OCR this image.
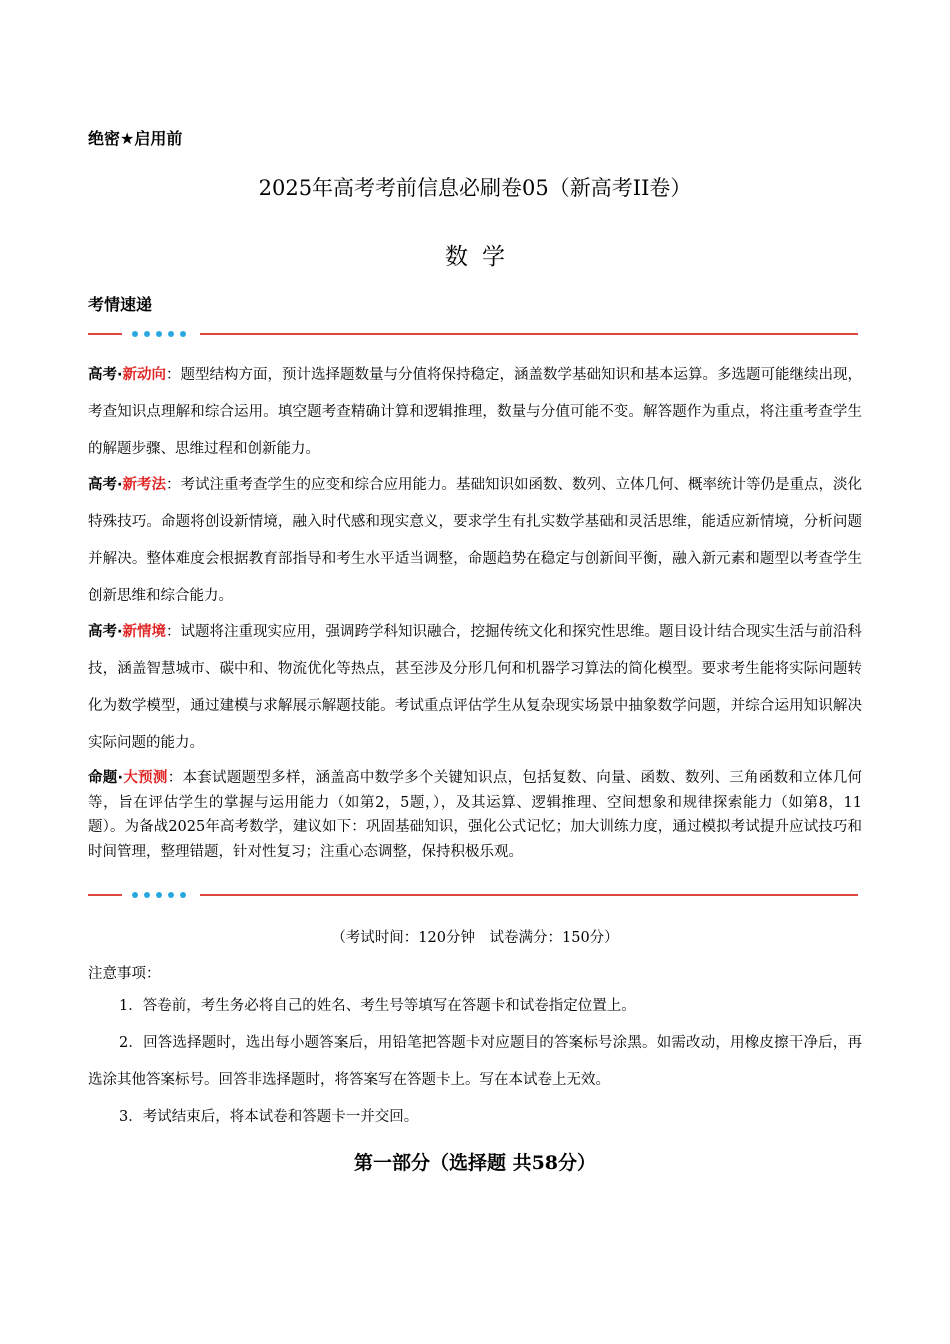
绝密★启用前
2025年高考考前信息必刷卷05（新高考II卷）
数学
考情速递
高考·新动向：题型结构方面，预计选择题数量与分值将保持稳定，涵盖数学基础知识和基本运算。多选题可能继续出现，考查知识点理解和综合运用。填空题考查精确计算和逻辑推理，数量与分值可能不变。解答题作为重点，将注重考查学生的解题步骤、思维过程和创新能力。
高考·新考法：考试注重考查学生的应变和综合应用能力。基础知识如函数、数列、立体几何、概率统计等仍是重点，淡化特殊技巧。命题将创设新情境，融入时代感和现实意义，要求学生有扎实数学基础和灵活思维，能适应新情境，分析问题并解决。整体难度会根据教育部指导和考生水平适当调整，命题趋势在稳定与创新间平衡，融入新元素和题型以考查学生创新思维和综合能力。
高考·新情境：试题将注重现实应用，强调跨学科知识融合，挖掘传统文化和探究性思维。题目设计结合现实生活与前沿科技，涵盖智慧城市、碳中和、物流优化等热点，甚至涉及分形几何和机器学习算法的简化模型。要求考生能将实际问题转化为数学模型，通过建模与求解展示解题技能。考试重点评估学生从复杂现实场景中抽象数学问题，并综合运用知识解决实际问题的能力。
命题·大预测：本套试题题型多样，涵盖高中数学多个关键知识点，包括复数、向量、函数、数列、三角函数和立体几何等，旨在评估学生的掌握与运用能力（如第2，5题，），及其运算、逻辑推理、空间想象和规律探索能力（如第8，11题）。为备战2025年高考数学，建议如下：巩固基础知识，强化公式记忆；加大训练力度，通过模拟考试提升应试技巧和时间管理，整理错题，针对性复习；注重心态调整，保持积极乐观。
（考试时间：120分钟　试卷满分：150分）
注意事项：
1．答卷前，考生务必将自己的姓名、考生号等填写在答题卡和试卷指定位置上。
2．回答选择题时，选出每小题答案后，用铅笔把答题卡对应题目的答案标号涂黑。如需改动，用橡皮擦干净后，再选涂其他答案标号。回答非选择题时，将答案写在答题卡上。写在本试卷上无效。
3．考试结束后，将本试卷和答题卡一并交回。
第一部分（选择题 共58分）
